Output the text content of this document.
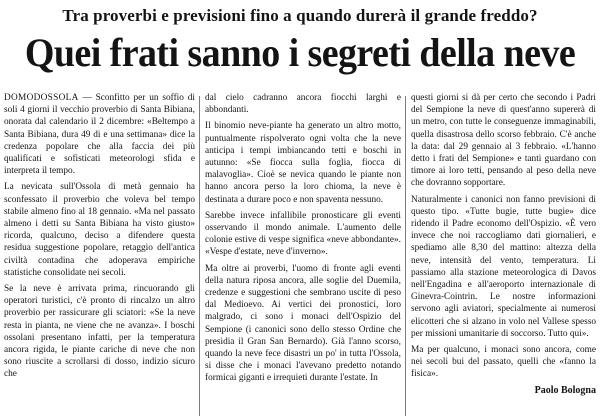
Tra proverbi e previsioni fino a quando durerà il grande freddo?
Quei frati sanno i segreti della neve

DOMODOSSOLA — Sconfitto per un soffio di soli 4 giorni il vecchio proverbio di Santa Bibiana, onorata dal calendario il 2 dicembre: «Beltempo a Santa Bibiana, dura 49 di e una settimana» dice la credenza popolare che alla faccia dei più qualificati e sofisticati meteorologi sfida e interpreta il tempo.

La nevicata sull'Ossola di metà gennaio ha sconfessato il proverbio che voleva bel tempo stabile almeno fino al 18 gennaio. «Ma nel passato almeno i detti su Santa Bibiana ha visto giusto» ricorda, qualcuno, deciso a difendere questa residua suggestione popolare, retaggio dell'antica civiltà contadina che adoperava empiriche statistiche consolidate nei secoli.

Se la neve è arrivata prima, rincuorando gli operatori turistici, c'è pronto di rincalzo un altro proverbio per rassicurare gli sciatori: «Se la neve resta in pianta, ne viene che ne avanza». I boschi ossolani presentano infatti, per la temperatura ancora rigida, le piante cariche di neve che non sono riuscite a scrollarsi di dosso, indizio sicuro che

dal cielo cadranno ancora fiocchi larghi e abbondanti.

Il binomio neve-piante ha generato un altro motto, puntualmente rispolverato ogni volta che la neve anticipa i tempi imbiancando tetti e boschi in autunno: «Se fiocca sulla foglia, fiocca di malavoglia». Cioè se nevica quando le piante non hanno ancora perso la loro chioma, la neve è destinata a durare poco e non spaventa nessuno.

Sarebbe invece infallibile pronosticare gli eventi osservando il mondo animale. L'aumento delle colonie estive di vespe significa «neve abbondante». «Vespe d'estate, neve d'inverno».

Ma oltre ai proverbi, l'uomo di fronte agli eventi della natura riposa ancora, alle soglie del Duemila, credenze e suggestioni che sembrano uscite di peso dal Medioevo. Ai vertici dei pronostici, loro malgrado, ci sono i monaci dell'Ospizio del Sempione (i canonici sono dello stesso Ordine che presidia il Gran San Bernardo). Già l'anno scorso, quando la neve fece disastri un po' in tutta l'Ossola, si disse che i monaci l'avevano predetto notando formicai giganti e irrequieti durante l'estate. In

questi giorni si dà per certo che secondo i Padri del Sempione la neve di quest'anno supererà di un metro, con tutte le conseguenze immaginabili, quella disastrosa dello scorso febbraio. C'è anche la data: dal 29 gennaio al 3 febbraio. «L'hanno detto i frati del Sempione» e tanti guardano con timore ai loro tetti, pensando al peso della neve che dovranno sopportare.

Naturalmente i canonici non fanno previsioni di questo tipo. «Tutte bugie, tutte bugie» dice ridendo il Padre economo dell'Ospizio. «È vero invece che noi raccogliamo dati giornalieri, e spediamo alle 8,30 del mattino: altezza della neve, intensità del vento, temperatura. Li passiamo alla stazione meteorologica di Davos nell'Engadina e all'aeroporto internazionale di Ginevra-Cointrin. Le nostre informazioni servono agli aviatori, specialmente ai numerosi elicotteri che si alzano in volo nel Vallese spesso per missioni umanitarie di soccorso. Tutto qui».

Ma per qualcuno, i monaci sono ancora, come nei secoli bui del passato, quelli che «fanno la fisica».

Paolo Bologna
